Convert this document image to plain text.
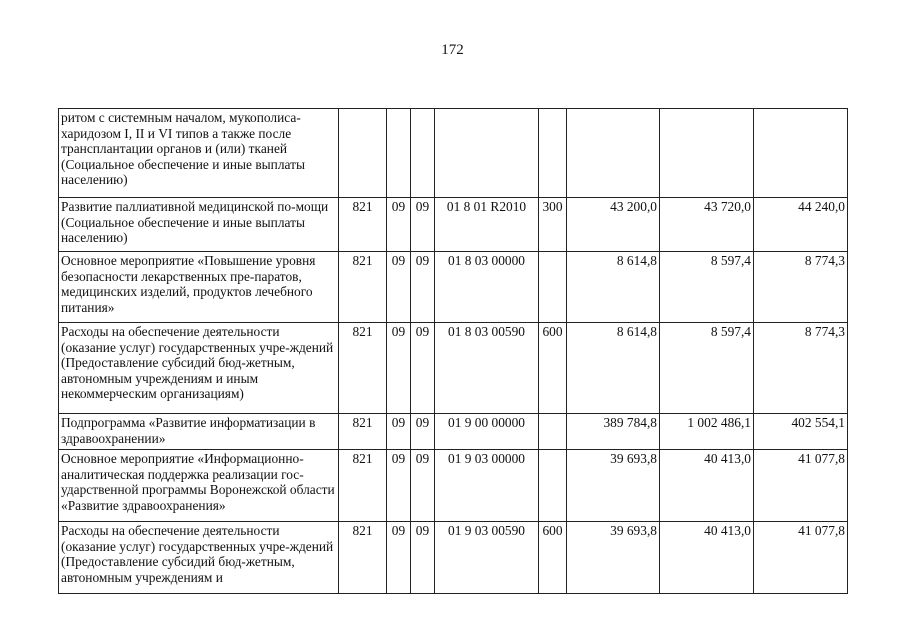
172
ритом с системным началом, мукополиса-харидозом I, II и VI типов а также после трансплантации органов и (или) тканей (Социальное обеспечение и иные выплаты населению)								
Развитие паллиативной медицинской по-мощи (Социальное обеспечение и иные выплаты населению)	821	09	09	01 8 01 R2010	300	43 200,0	43 720,0	44 240,0
Основное мероприятие «Повышение уровня безопасности лекарственных пре-паратов, медицинских изделий, продуктов лечебного питания»	821	09	09	01 8 03 00000		8 614,8	8 597,4	8 774,3
Расходы на обеспечение деятельности (оказание услуг) государственных учре-ждений (Предоставление субсидий бюд-жетным, автономным учреждениям и иным некоммерческим организациям)	821	09	09	01 8 03 00590	600	8 614,8	8 597,4	8 774,3
Подпрограмма «Развитие информатизации в здравоохранении»	821	09	09	01 9 00 00000		389 784,8	1 002 486,1	402 554,1
Основное мероприятие «Информационно-аналитическая поддержка реализации гос-ударственной программы Воронежской области «Развитие здравоохранения»	821	09	09	01 9 03 00000		39 693,8	40 413,0	41 077,8
Расходы на обеспечение деятельности (оказание услуг) государственных учре-ждений (Предоставление субсидий бюд-жетным, автономным учреждениям и	821	09	09	01 9 03 00590	600	39 693,8	40 413,0	41 077,8
